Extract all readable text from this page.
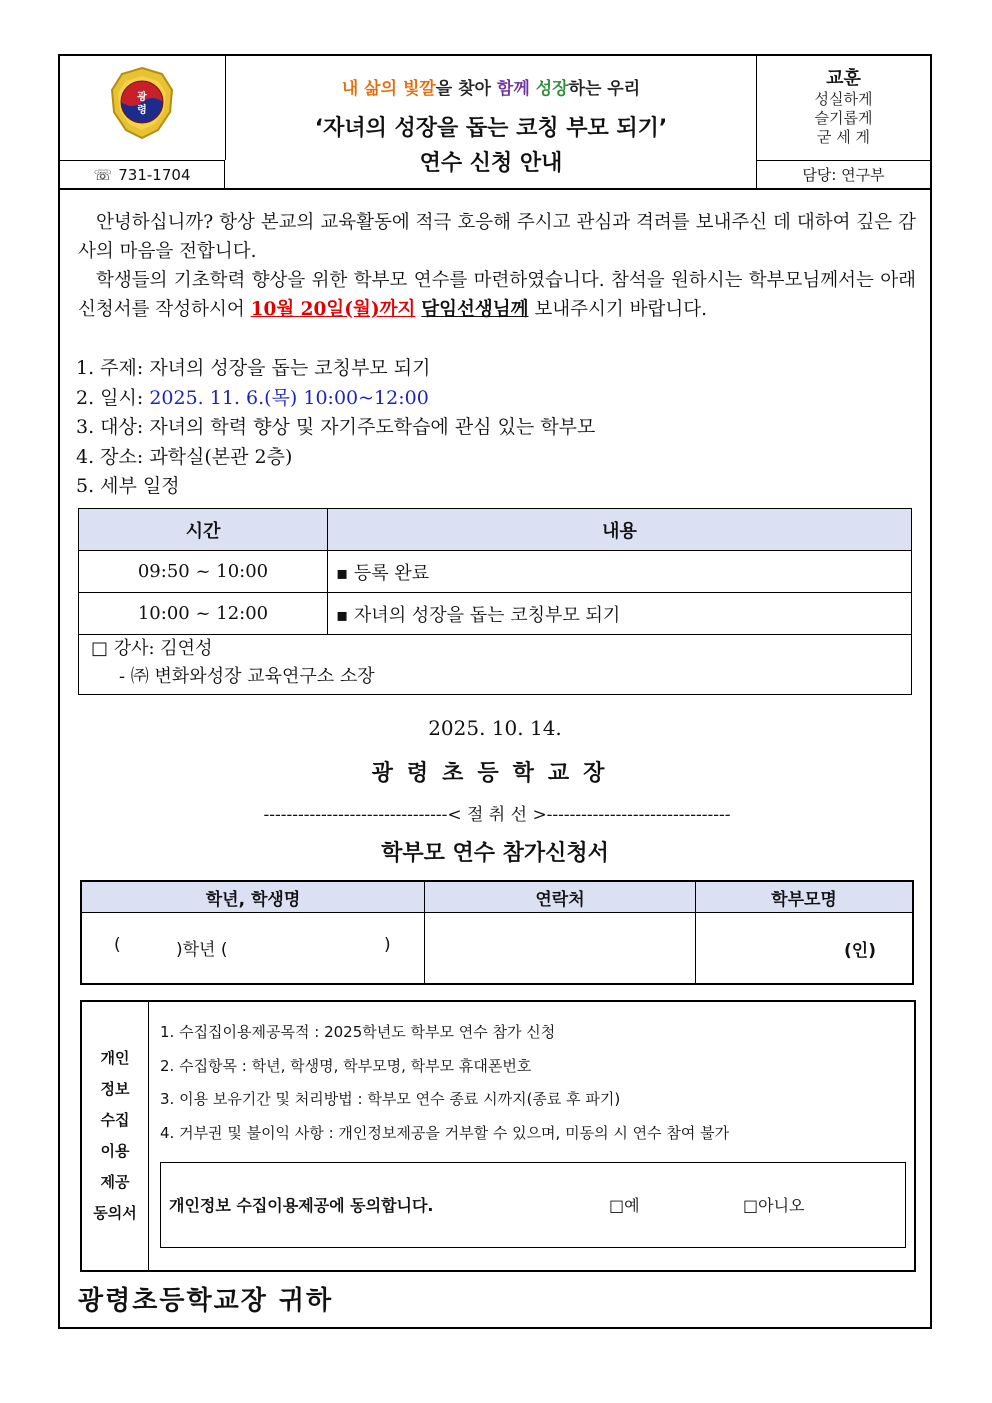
광
령
☏ 731-1704
내 삶의 빛깔을 찾아 함께 성장하는 우리
‘자녀의 성장을 돕는 코칭 부모 되기’
연수 신청 안내
교훈
성실하게
슬기롭게
굳 세 게
담당: 연구부
안녕하십니까? 항상 본교의 교육활동에 적극 호응해 주시고 관심과 격려를 보내주신 데 대하여 깊은 감사의 마음을 전합니다.
학생들의 기초학력 향상을 위한 학부모 연수를 마련하였습니다. 참석을 원하시는 학부모님께서는 아래 신청서를 작성하시어 10월 20일(월)까지 담임선생님께 보내주시기 바랍니다.
1. 주제: 자녀의 성장을 돕는 코칭부모 되기
2. 일시: 2025. 11. 6.(목) 10:00~12:00
3. 대상: 자녀의 학력 향상 및 자기주도학습에 관심 있는 학부모
4. 장소: 과학실(본관 2층)
5. 세부 일정
시간	내용
09:50 ~ 10:00	▪ 등록 완료
10:00 ~ 12:00	▪ 자녀의 성장을 돕는 코칭부모 되기
□ 강사: 김연성
- ㈜ 변화와성장 교육연구소 소장
2025. 10. 14.
광령초등학교장
--------------------------------< 절 취 선 >--------------------------------
학부모 연수 참가신청서
학년, 학생명	연락처	학부모명

( )학년 ( )		(인)
개인
정보
수집
이용
제공
동의서
1. 수집집이용제공목적 : 2025학년도 학부모 연수 참가 신청
2. 수집항목 : 학년, 학생명, 학부모명, 학부모 휴대폰번호
3. 이용 보유기간 및 처리방법 : 학부모 연수 종료 시까지(종료 후 파기)
4. 거부권 및 불이익 사항 : 개인정보제공을 거부할 수 있으며, 미동의 시 연수 참여 불가
개인정보 수집이용제공에 동의합니다.	□예	□아니오
광령초등학교장 귀하
